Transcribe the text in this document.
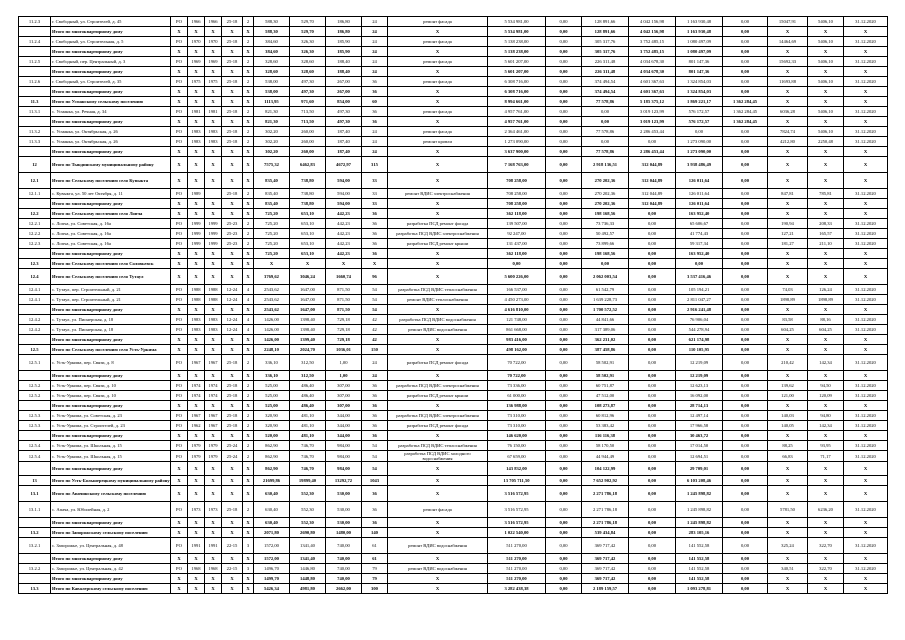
11.2.3	г. Свободный, ул. Строителей, д. 45	РО	1966	1966	25-18	2	588,30	529,70	186,80	24	ремонт фасада	5 534 981,00	0,00	128 891,66	4 042 156,98	1 163 930,48	0,00	15047,91	5406,10	31.12.2020
	Итого по многоквартирному дому	X	X	X	X	X	588,30	529,70	186,80	24	X	5 534 981,00	0,00	128 891,66	4 042 156,98	1 163 930,48	0,00	X	X	X
11.2.4	г. Свободный, ул. Строительная, д. 5	РО	1970	1970	25-18	2	384,60	326,30	185,90	24	ремонт фасада	5 138 238,00	0,00	305 317,76	3 752 485,15	1 080 497,09	0,00	14464,69	5406,10	31.12.2020
	Итого по многоквартирному дому	X	X	X	X	X	384,60	326,30	185,90	24	X	5 138 238,00	0,00	305 317,76	3 752 485,15	1 080 497,09	0,00	X	X	X
11.2.5	г. Свободный, пер. Центральный, д. 3	РО	1969	1969	25-18	2	328,60	328,60	188,40	24	ремонт фасада	5 601 207,00	0,00	226 311,48	4 034 678,30	801 147,36	0,00	15692,33	5406,10	31.12.2020
	Итого по многоквартирному дому	X	X	X	X	X	328,60	328,60	188,40	24	X	5 601 207,00	0,00	226 311,48	4 034 678,30	801 147,36	0,00	X	X	X
11.2.6	г. Свободный, ул. Строителей, д. 35	РО	1975	1975	25-18	2	538,00	497,30	267,00	36	ремонт фасада	6 308 716,00	0,00	374 494,54	4 601 367,63	1 324 854,03	0,00	11693,88	5406,10	31.12.2020
	Итого по многоквартирному дому	X	X	X	X	X	538,00	497,30	267,00	36	X	6 308 716,00	0,00	374 494,54	4 601 367,63	1 324 854,03	0,00	X	X	X
11.3	Итого по Усманскому сельскому поселению	X	X	X	X	X	1113,95	971,60	854,00	60	X	8 994 661,00	0,00	77 578,86	5 185 375,12	1 869 221,17	1 362 284,45	X	X	X
11.3.1	с. Усманка, ул. Речная, д. 34	РО	1981	1981	25-18	2	821,30	713,50	497,30	36	ремонт фасада	4 957 761,00	0,00	0,00	3 019 123,99	576 172,57	1 362 284,45	6036,28	5406,10	31.12.2020
	Итого по многоквартирному дому	X	X	X	X	X	821,30	713,50	497,30	36	X	4 957 761,00	0,00	0,00	3 019 123,99	576 172,57	1 362 284,45	X	X	X
11.3.2	с. Усманка, ул. Октябрьская, д. 26	РО	1983	1983	25-18	2	302,20	260,00	187,40	24	ремонт фасада	2 364 461,00	0,00	77 578,86	2 286 453,44	0,00	0,00	7824,74	5406,10	31.12.2020
11.3.3	с. Усманка, ул. Октябрьская, д. 26	РО	1983	1983	25-18	2	302,20	260,00	187,40	24	ремонт кровли	1 273 090,00	0,00	0,00	0,00	1 273 090,00	0,00	4212,80	2250,48	31.12.2020
	Итого по многоквартирному дому	X	X	X	X	X	302,20	260,00	187,40	24	X	3 637 900,00	0,00	77 578,86	2 286 453,44	1 273 090,00	0,00	X	X	X
12	Итого по Тындинскому муниципальному району	X	X	X	X	X	7575,32	6462,83	4672,97	315	X	7 168 763,00	0,00	2 918 136,51	312 044,89	3 938 486,49	0,00	X	X	X
12.1	Итого по Сельскому поселению село Кувыкта	X	X	X	X	X	835,40	738,80	594,00	33	X	708 258,00	0,00	270 202,36	312 044,89	126 011,64	0,00	X	X	X
12.1.1	с. Кувыкта, ул. 50 лет Октября, д. 11	РО	1989		25-18	2	835,40	738,80	594,00	33	ремонт ВДИС электроснабжения	708 258,00	0,00	270 202,36	312 044,89	126 011,64	0,00	847,81	785,81	31.12.2020
	Итого по многоквартирному дому	X	X	X	X	X	835,40	738,80	594,00	33	X	708 258,00	0,00	270 202,36	312 044,89	126 011,64	0,00	X	X	X
12.2	Итого по Сельскому поселению село Лопча	X	X	X	X	X	725,20	653,10	442,23	36	X	362 118,00	0,00	198 168,56	0,00	163 952,40	0,00	X	X	X
12.2.1	с. Лопча, ул. Советская, д. 16а	РО	1999	1999	25-23	2	725,20	653,10	442,23	36	разработка ПСД ремонт фасада	139 507,00	0,00	73 736,33	0,00	65 606,67	0,00	190,94	208,33	31.12.2020
12.2.2	с. Лопча, ул. Советская, д. 16а	РО	1999	1999	25-23	2	725,20	653,10	442,23	36	разработка ПСД ВДИС электроснабжения	92 247,00	0,00	50 492,57	0,00	41 774,43	0,00	127,21	165,57	31.12.2020
12.2.3	с. Лопча, ул. Советская, д. 16а	РО	1999	1999	25-23	2	725,20	653,10	442,23	36	разработка ПСД ремонт крыши	131 437,00	0,00	73 899,66	0,00	59 317,34	0,00	181,27	211,10	31.12.2020
	Итого по многоквартирному дому	X	X	X	X	X	725,20	653,10	442,23	36	X	362 118,00	0,00	198 168,56	0,00	163 952,40	0,00	X	X	X
12.3	Итого по Сельскому поселению село Соловьевск	X	X	X	X	X	X	X	X	X	X	0,00	0,00	0,00	0,00	0,00	0,00	X	X	X
12.4	Итого по Сельскому поселению село Тутаул	X	X	X	X	X	3769,62	3046,24	1660,74	96	X	5 600 226,00	0,00	2 062 003,54	0,00	3 537 416,46	0,00	X	X	X
12.4.1	с. Тутаул, пер. Строительный, д. 21	РО	1988	1988	12-24	4	2543,62	1647,00	871,50	54	разработка ПСД ВДИС теплоснабжения	166 537,00	0,00	61 542,79	0,00	105 194,21	0,00	74,03	126,24	31.12.2020
12.4.1	с. Тутаул, пер. Строительный, д. 21	РО	1988	1988	12-24	4	2543,62	1647,00	871,50	54	ремонт ВДИС теплоснабжения	4 450 273,00	0,00	1 639 228,73	0,00	2 811 047,27	0,00	1898,89	1898,89	31.12.2020
	Итого по многоквартирному дому	X	X	X	X	X	2543,62	1647,00	871,50	54	X	4 616 810,00	0,00	1 700 572,52	0,00	2 916 241,48	0,00	X	X	X
12.4.2	с. Тутаул, ул. Пионерская, д. 18	РО	1983	1983	12-24	4	1426,00	1398,40	729,18	42	разработка ПСД ВДИС водоснабжения	121 748,00	0,00	44 841,66	0,00	76 906,04	0,00	83,58	88,16	31.12.2020
12.4.2	с. Тутаул, ул. Пионерская, д. 18	РО	1983	1983	12-24	4	1426,00	1398,40	729,18	42	ремонт ВДИС водоснабжения	861 668,00	0,00	317 389,06	0,00	544 278,94	0,00	604,25	604,25	31.12.2020
	Итого по многоквартирному дому	X	X	X	X	X	1426,00	1399,40	729,18	42	X	983 416,00	0,00	362 231,02	0,00	621 174,98	0,00	X	X	X
12.5	Итого по Сельскому поселению село Усть-Уркима	X	X	X	X	X	2248,10	2024,70	1036,01	150	X	498 162,00	0,00	387 458,86	0,00	110 105,95	0,00	X	X	X
12.5.1	с. Усть-Уркима, пер. Связи, д. 8	РО	1967	1967	25-18	2	336,10	312,50	1,00	24	разработка ПСД ремонт фасада	70 722,00	0,00	58 502,91	0,00	12 219,09	0,00	210,42	142,34	31.12.2020
	Итого по многоквартирному дому	X	X	X	X	X	336,10	312,50	1,00	24	X	70 722,00	0,00	58 502,91	0,00	12 219,09	0,00	X	X	X
12.5.2	с. Усть-Уркима, пер. Связи, д. 10	РО	1974	1974	25-18	2	525,00	486,40	307,00	36	разработка ПСД ВДИС электроснабжения	73 336,00	0,00	60 751,87	0,00	12 623,13	0,00	139,62	94,50	31.12.2020
12.5.2	с. Усть-Уркима, пер. Связи, д. 10	РО	1974	1974	25-18	2	525,00	486,40	307,00	36	разработка ПСД ремонт крыши	61 000,00	0,00	47 512,00	0,00	16 092,00	0,00	121,00	120,09	31.12.2020
	Итого по многоквартирному дому	X	X	X	X	X	525,00	486,40	307,00	36	X	136 988,00	0,00	108 273,87	0,00	28 714,13	0,00	X	X	X
12.5.3	с. Усть-Уркима, ул. Советская, д. 23	РО	1967	1967	25-18	2	320,90	481,10	344,00	36	разработка ПСД ВДИС электроснабжения	73 310,00	0,00	60 812,96	0,00	12 497,14	0,00	140,03	94,80	31.12.2020
12.5.3	с. Усть-Уркима, ул. Строителей, д. 23	РО	1962	1967	25-18	2	320,90	481,10	344,00	36	разработка ПСД ремонт фасада	73 310,00	0,00	53 383,42	0,00	17 966,58	0,00	140,05	142,34	31.12.2020
	Итого по многоквартирному дому	X	X	X	X	X	520,00	481,10	344,00	36	X	146 620,00	0,00	116 116,38	0,00	30 463,72	0,00	X	X	X
12.5.4	с. Усть-Уркима, ул. Школьная, д. 15	РО	1979	1979	25-24	2	862,90	746,70	984,00	54	разработка ПСД ВДИС теплоснабжения	76 150,00	0,00	58 170,50	0,00	17 014,50	0,00	88,25	93,95	31.12.2020
12.5.4	с. Усть-Уркима, ул. Школьная, д. 15	РО	1979	1979	25-24	2	862,90	746,70	984,00	54	разработка ПСД ВДИС холодного водоснабжения	67 659,00	0,00	44 944,49	0,00	12 694,51	0,00	66,83	71,17	31.12.2020
	Итого по многоквартирному дому	X	X	X	X	X	862,90	746,70	984,00	54	X	143 832,00	0,00	104 122,99	0,00	29 709,01	0,00	X	X	X
13	Итого по Усть-Большерецкому муниципальному району	X	X	X	X	X	21699,86	19899,40	13292,72	1043	X	13 705 711,50	0,00	7 652 902,92	0,00	6 103 208,46	0,00	X	X	X
13.1	Итого по Апачинскому сельскому поселению	X	X	X	X	X	630,40	552,30	530,00	36	X	3 516 572,95	0,00	2 271 786,18	0,00	1 245 898,82	0,00	X	X	X
13.1.1	с. Апача, ул. Юбилейная, д. 2	РО	1973	1973	25-18	2	630,40	552,30	530,00	36	ремонт фасада	3 516 572,95	0,00	2 271 786,18	0,00	1 245 898,82	0,00	5781,50	6236,20	31.12.2020
	Итого по многоквартирному дому	X	X	X	X	X	630,40	552,30	530,00	36	X	3 516 572,95	0,00	2 271 786,18	0,00	1 245 898,82	0,00	X	X	X
13.2	Итого по Запорожскому сельскому поселению	X	X	X	X	X	2071,80	2690,80	1480,00	140	X	1 022 540,00	0,00	539 434,84	0,00	283 105,16	0,00	X	X	X
13.2.1	с. Запорожье, ул. Центральная, д. 48	РО	1991	1991	22-15	3	1572,00	1341,40	740,00	61	ремонт ВДИС водоснабжения	511 270,00	0,00	369 717,42	0,00	141 552,58	0,00	325,24	322,70	31.12.2020
	Итого по многоквартирному дому	X	X	X	X	X	1572,00	1341,40	740,00	61	X	511 270,00	0,00	369 717,42	0,00	141 552,58	0,00	X	X	X
13.2.2	с. Запорожье, ул. Центральная, д. 42	РО	1968	1968	22-15	3	1496,70	1446,80	740,00	79	ремонт ВДИС водоснабжения	511 270,00	0,00	369 717,42	0,00	141 552,58	0,00	340,51	322,70	31.12.2020
	Итого по многоквартирному дому	X	X	X	X	X	1499,70	1448,80	740,00	79	X	511 270,00	0,00	369 717,42	0,00	141 552,58	0,00	X	X	X
13.3	Итого по Кавалерскому сельскому поселению	X	X	X	X	X	5426,34	4981,80	2662,00	300	X	3 282 438,38	0,00	2 189 159,57	0,00	1 093 278,81	0,00	X	X	X
